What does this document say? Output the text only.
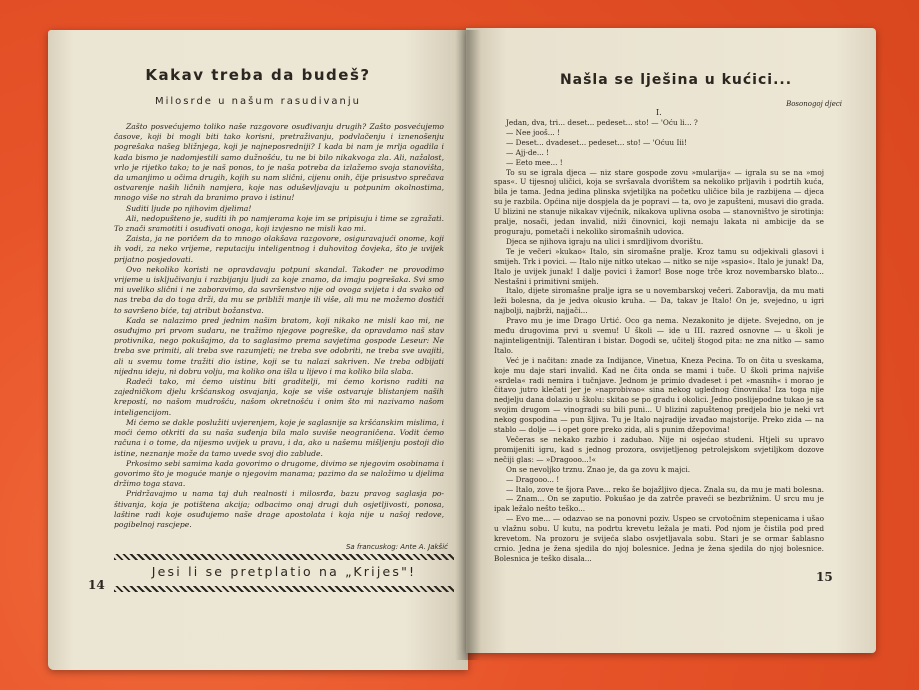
Kakav treba da budeš?
Milosrde u našum rasudivanju

Zašto posvećujemo toliko naše razgovore osuđivanju drugih? Zašto posvećujemo časove, koji bi mogli biti tako korisni, pretraživanju, podvlačenju i iznenošenju pogrešaka našeg bližnjega, koji je najneposredniji? I kada bi nam je mrlja ogadila i kada bismo je nadomjestili samo dužnošću, tu ne bi bilo nikakvoga zla. Ali, nažalost, vrlo je rijetko tako; to je naš ponos, to je naša potreba da izlažemo svoja stanovišta, da umanjimo u očima drugih, kojih su nam slični, cijenu onih, čije prisustvo sprečava ostvarenje naših ličnih namjera, koje nas oduševljavaju u potpunim okolnostima, mnogo više no strah da branimo pravo i istinu!

Suditi ljude po njihovim djelima!

Ali, nedopušteno je, suditi ih po namjerama koje im se pripisuju i time se zgražati. To znači sramotiti i osuđivati onoga, koji izvjesno ne misli kao mi.

Zaista, ja ne poričem da to mnogo olakšava razgovore, osiguravajući onome, koji ih vodi, za neko vrijeme, reputaciju inteligentnog i duhovitog čovjeka, što je uvijek prijatno posjedovati.

Ovo nekoliko koristi ne opravdavaju potpuni skandal. Također ne provodimo vrijeme u isključivanju i razbijanju ljudi za koje znamo, da imaju pogrešaka. Svi smo mi uveliko slični i ne zaboravimo, da savršenstvo nije od ovoga svijeta i da svako od nas treba da do toga drži, da mu se približi manje ili više, ali mu ne možemo dostići to savršeno biće, taj atribut božanstva.

Kada se nalazimo pred jednim našim bratom, koji nikako ne misli kao mi, ne osuđujmo pri prvom sudaru, ne tražimo njegove pogreške, da opravdamo naš stav protivnika, nego pokušajmo, da to saglasimo prema savjetima gospode Leseur: Ne treba sve primiti, ali treba sve razumjeti; ne treba sve odobriti, ne treba sve uvajiti, ali u svemu tome tražiti dio istine, koji se tu nalazi sakriven. Ne treba odbijati nijednu ideju, ni dobru volju, ma koliko ona išla u lijevo i ma koliko bila slaba.

Radeći tako, mi ćemo uistinu biti graditelji, mi ćemo korisno raditi na zajedničkom djelu kršćanskog osvajanja, koje se više ostvaruje blistanjem naših krepostí, no našom mudrošću, našom okretnošću i onim što mi nazivamo našom inteligencijom.

Mi ćemo se dakle poslužiti uvjerenjem, koje je saglasnije sa kršćanskim mislima, i moći ćemo otkriti da su naša suđenja bila malo suviše neograničena. Vodit ćemo računa i o tome, da nijesmo uvijek u pravu, i da, ako u našemu mišljenju postoji dio istine, neznanje može da tamo uvede svoj dio zablude.

Prkosimo sebi samima kada govorimo o drugome, divimo se njegovim osobinama i govorimo što je moguće manje o njegovim manama; pazimo da se naložimo u djelima držimo toga stava.

Pridržavajmo u nama taj duh realnosti i milosrđa, bazu pravog saglasja poštivanja, koja je potištena akcija; odbacimo onaj drugi duh osjetljivosti, ponosa, laštine radi koje osuđujemo naše drage apostolata i koja nije u našoj redove, pogibelnoj rascjepe.

Sa francuskog: Ante A. Jakšić
Jesi li se pretplatio na „Krijes"!
14
Našla se lješina u kućici...
Bosonogoj djeci
I.

Jedan, dva, tri... deset... pedeset... sto! — 'Oću li... ?

— Nee jooš... !

— Deset... dvadeset... pedeset... sto! — 'Oćuu Iii!

— Ajj-de... !

— Eeto mee... !

To su se igrala djeca — niz stare gospode zovu »mularija« — igrala su se na »moj spas«. U tijesnoj uličici, koja se svršavala dvorištem sa nekoliko prljavih i podrtih kuća, bila je tama. Jedna jedina plinska svjetiljka na početku uličice bila je razbijena — djeca su je razbila. Općina nije dospjela da je popravi — ta, ovo je zapušteni, musavi dio grada. U blizini ne stanuje nikakav vijećnik, nikakova uplivna osoba — stanovništvo je sirotinja: pralje, nosači, jedan invalid, niži činovnici, koji nemaju lakata ni ambicije da se proguraju, pometači i nekoliko siromašnih udovica.

Djeca se njihova igraju na ulici i smrdljivom dvorištu.

Te je večeri »kukao« Italo, sin siromašne pralje. Kroz tamu su odjekivali glasovi i smijeh. Trk i povici. — Italo nije nitko utekao — nitko se nije »spasio«. Italo je junak! Da, Italo je uvijek junak! I dalje povici i žamor! Bose noge trče kroz novembarsko blato... Nestašni i primitivni smijeh.

Italo, dijete siromašne pralje igra se u novembarskoj večeri. Zaboravlja, da mu mati leži bolesna, da je jedva okusio kruha. — Da, takav je Italo! On je, svejedno, u igri najbolji, najbrži, najjači...

Pravo mu je ime Drago Urtić. Oco ga nema. Nezakonito je dijete. Svejedno, on je među drugovima prvi u svemu! U školi — ide u III. razred osnovne — u školi je najinteligentniji. Talentiran i bistar. Dogodi se, učitelj štogod pita: ne zna nitko — samo Italo.

Već je i načitan: znade za Indijance, Vinetua, Kneza Pecina. To on čita u sveskama, koje mu daje stari invalid. Kad ne čita onda se mami i tuče. U školi prima najviše »srdela« radi nemira i tučnjave. Jednom je primio dvadeset i pet »masnih« i morao je čitavo jutro klečati jer je »naprobivao« sina nekog uglednog činovnika! Iza toga nije nedjelju dana dolazio u školu: skitao se po gradu i okolici. Jedno poslijepodne tukao je sa svojim drugom — vinogradi su bili puni... U blizini zapuštenog predjela bio je neki vrt nekog gospodina — pun šljiva. Tu je Italo najradije izvađao majstorije. Preko zida — na stablo — dolje — i opet gore preko zida, ali s punim džepovima!

Večeras se nekako razbio i zadubao. Nije ni osjećao studeni. Htjeli su upravo promijeniti igru, kad s jednog prozora, osvijetljenog petrolejskom svjetiljkom dozove nečiji glas: — »Dragooo...!«

On se nevoljko trznu. Znao je, da ga zovu k majci.

— Dragooo... !

— Italo, zove te šjora Pave... reko še bojažljivo djeca. Znala su, da mu je mati bolesna.

— Znam... On se zaputio. Pokušao je da zatrče praveći se bezbrižnim. U srcu mu je ipak ležalo nešto teško...

— Evo me... — odazvao se na ponovni poziv. Uspeo se crvotočnim stepenicama i ušao u vlažnu sobu. U kutu, na podrtu krevetu ležala je mati. Pod njom je čistila pod pred krevetom. Na prozoru je svijeća slabo osvjetljavala sobu. Stari je se ormar šablasno crnio. Jedna je žena sjedila do njoj bolesnice. Jedna je žena sjedila do njoj bolesnice. Bolesnica je teško disala...

15
